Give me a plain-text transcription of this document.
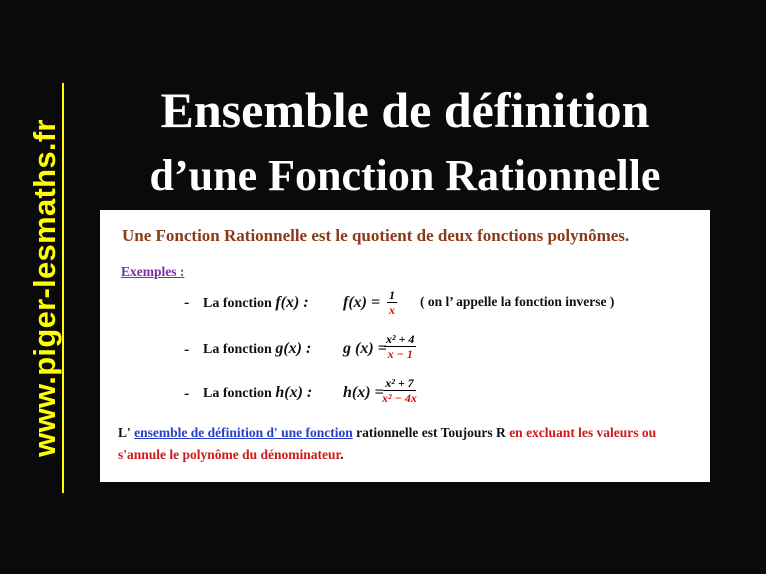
www.piger-lesmaths.fr
Ensemble de définition
d’une Fonction Rationnelle
Une Fonction Rationnelle est le quotient de deux fonctions polynômes.
Exemples :
- La fonction f(x) : $f(x) = \frac{1}{x}$ ( on l’ appelle la fonction inverse )
- La fonction g(x) : g (x) =
$\frac{\text{x² + 4}}{x - 1}$
- La fonction h(x) : h(x) =
$\frac{\text{x² + 7}}{\text{x² − 4x}}$
L' ensemble de définition d' une fonction rationnelle est Toujours R en excluant les valeurs ou s'annule le polynôme du dénominateur.
